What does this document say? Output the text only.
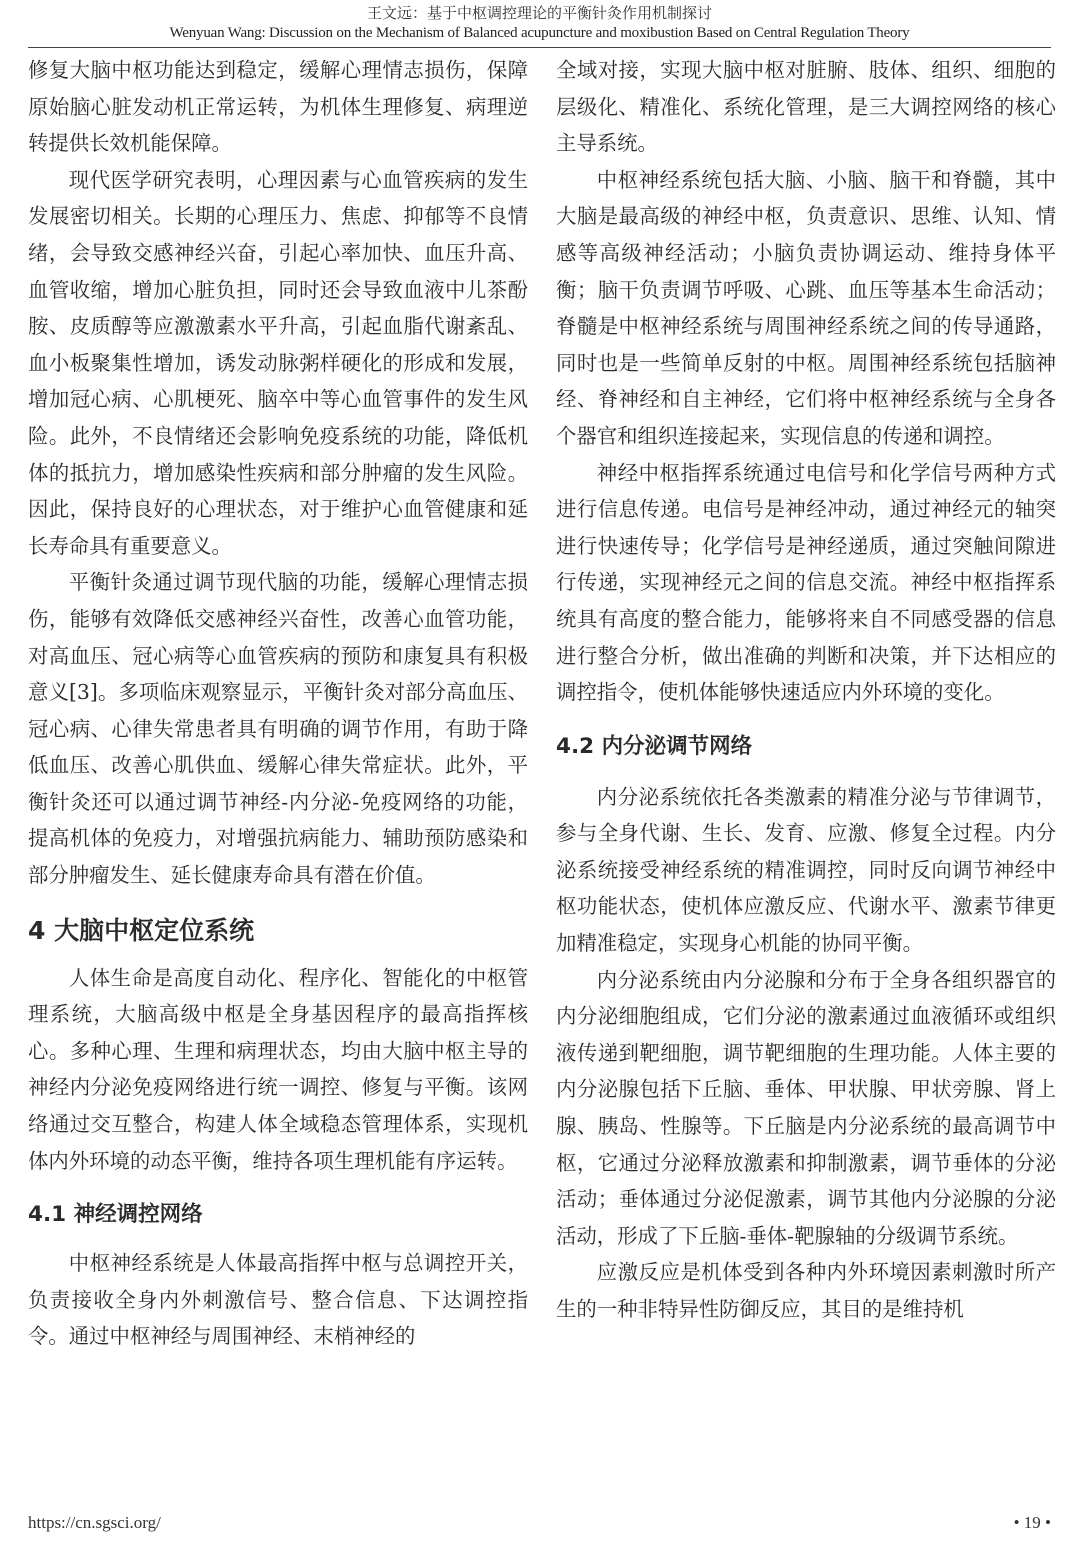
王文远：基于中枢调控理论的平衡针灸作用机制探讨
Wenyuan Wang: Discussion on the Mechanism of Balanced acupuncture and moxibustion Based on Central Regulation Theory

修复大脑中枢功能达到稳定，缓解心理情志损伤，保障原始脑心脏发动机正常运转，为机体生理修复、病理逆转提供长效机能保障。

现代医学研究表明，心理因素与心血管疾病的发生发展密切相关。长期的心理压力、焦虑、抑郁等不良情绪，会导致交感神经兴奋，引起心率加快、血压升高、血管收缩，增加心脏负担，同时还会导致血液中儿茶酚胺、皮质醇等应激激素水平升高，引起血脂代谢紊乱、血小板聚集性增加，诱发动脉粥样硬化的形成和发展，增加冠心病、心肌梗死、脑卒中等心血管事件的发生风险。此外，不良情绪还会影响免疫系统的功能，降低机体的抵抗力，增加感染性疾病和部分肿瘤的发生风险。因此，保持良好的心理状态，对于维护心血管健康和延长寿命具有重要意义。

平衡针灸通过调节现代脑的功能，缓解心理情志损伤，能够有效降低交感神经兴奋性，改善心血管功能，对高血压、冠心病等心血管疾病的预防和康复具有积极意义[3]。多项临床观察显示，平衡针灸对部分高血压、冠心病、心律失常患者具有明确的调节作用，有助于降低血压、改善心肌供血、缓解心律失常症状。此外，平衡针灸还可以通过调节神经-内分泌-免疫网络的功能，提高机体的免疫力，对增强抗病能力、辅助预防感染和部分肿瘤发生、延长健康寿命具有潜在价值。

4 大脑中枢定位系统

人体生命是高度自动化、程序化、智能化的中枢管理系统，大脑高级中枢是全身基因程序的最高指挥核心。多种心理、生理和病理状态，均由大脑中枢主导的神经内分泌免疫网络进行统一调控、修复与平衡。该网络通过交互整合，构建人体全域稳态管理体系，实现机体内外环境的动态平衡，维持各项生理机能有序运转。

4.1 神经调控网络

中枢神经系统是人体最高指挥中枢与总调控开关，负责接收全身内外刺激信号、整合信息、下达调控指令。通过中枢神经与周围神经、末梢神经的

全域对接，实现大脑中枢对脏腑、肢体、组织、细胞的层级化、精准化、系统化管理，是三大调控网络的核心主导系统。

中枢神经系统包括大脑、小脑、脑干和脊髓，其中大脑是最高级的神经中枢，负责意识、思维、认知、情感等高级神经活动；小脑负责协调运动、维持身体平衡；脑干负责调节呼吸、心跳、血压等基本生命活动；脊髓是中枢神经系统与周围神经系统之间的传导通路，同时也是一些简单反射的中枢。周围神经系统包括脑神经、脊神经和自主神经，它们将中枢神经系统与全身各个器官和组织连接起来，实现信息的传递和调控。

神经中枢指挥系统通过电信号和化学信号两种方式进行信息传递。电信号是神经冲动，通过神经元的轴突进行快速传导；化学信号是神经递质，通过突触间隙进行传递，实现神经元之间的信息交流。神经中枢指挥系统具有高度的整合能力，能够将来自不同感受器的信息进行整合分析，做出准确的判断和决策，并下达相应的调控指令，使机体能够快速适应内外环境的变化。

4.2 内分泌调节网络

内分泌系统依托各类激素的精准分泌与节律调节，参与全身代谢、生长、发育、应激、修复全过程。内分泌系统接受神经系统的精准调控，同时反向调节神经中枢功能状态，使机体应激反应、代谢水平、激素节律更加精准稳定，实现身心机能的协同平衡。

内分泌系统由内分泌腺和分布于全身各组织器官的内分泌细胞组成，它们分泌的激素通过血液循环或组织液传递到靶细胞，调节靶细胞的生理功能。人体主要的内分泌腺包括下丘脑、垂体、甲状腺、甲状旁腺、肾上腺、胰岛、性腺等。下丘脑是内分泌系统的最高调节中枢，它通过分泌释放激素和抑制激素，调节垂体的分泌活动；垂体通过分泌促激素，调节其他内分泌腺的分泌活动，形成了下丘脑-垂体-靶腺轴的分级调节系统。

应激反应是机体受到各种内外环境因素刺激时所产生的一种非特异性防御反应，其目的是维持机

https://cn.sgsci.org/	• 19 •
